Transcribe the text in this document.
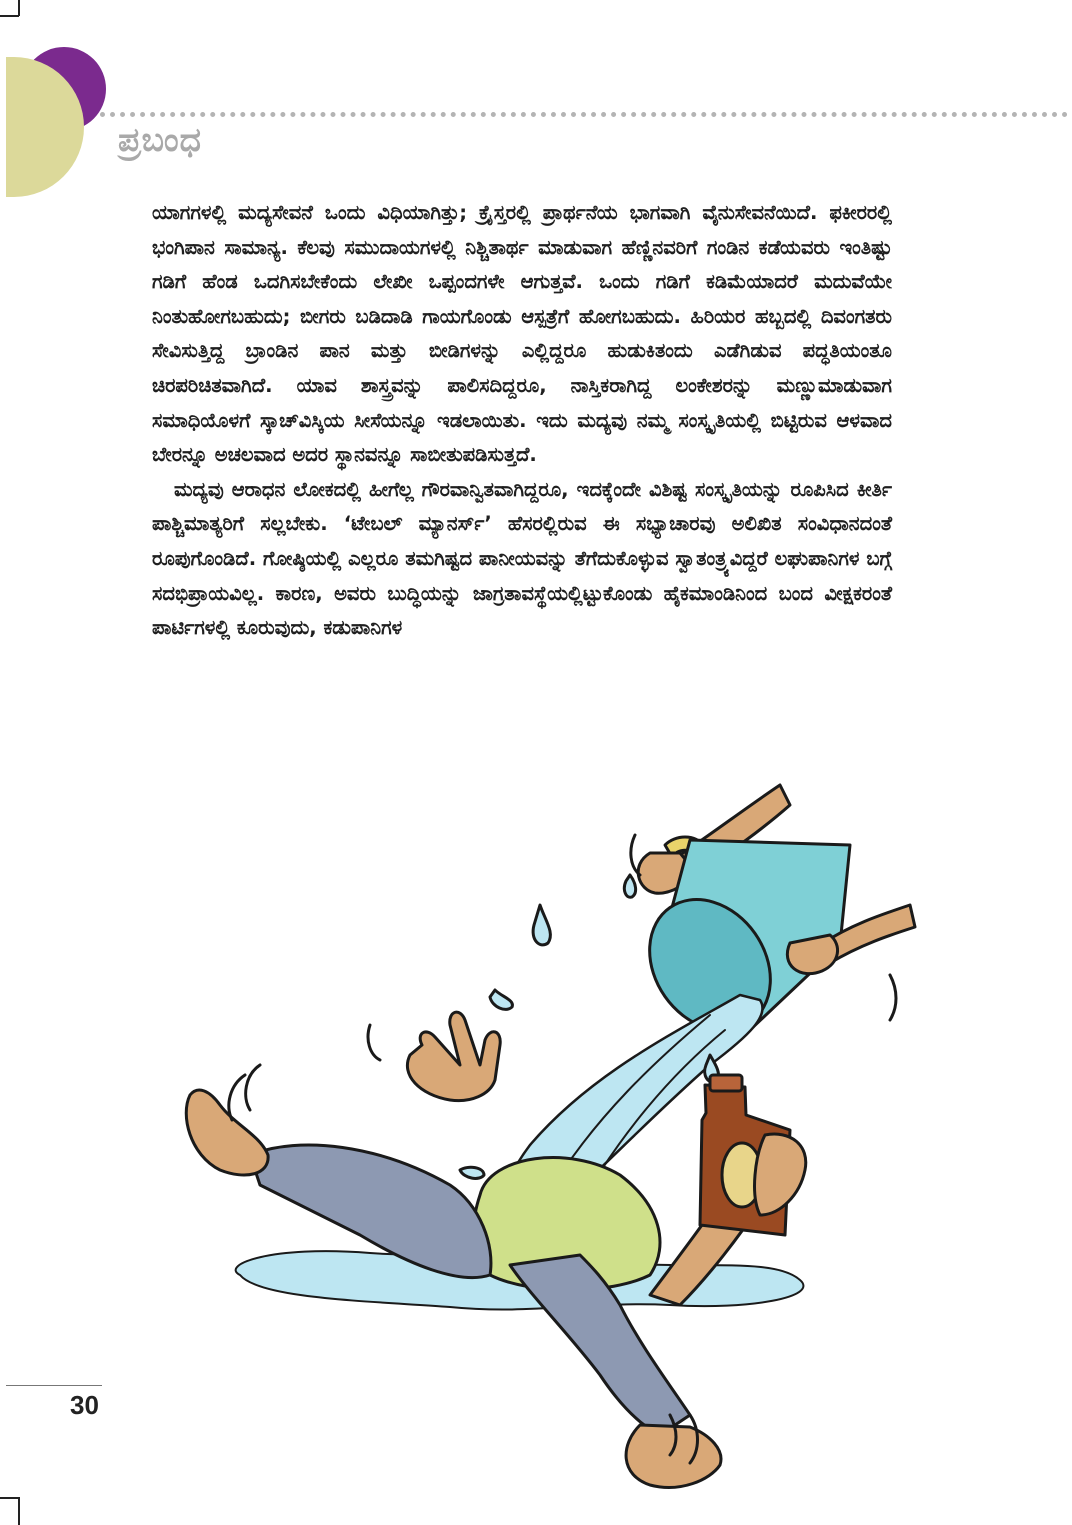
ಪ್ರಬಂಧ

ಯಾಗಗಳಲ್ಲಿ ಮದ್ಯಸೇವನೆ ಒಂದು ವಿಧಿಯಾಗಿತ್ತು; ಕ್ರೈಸ್ತರಲ್ಲಿ ಪ್ರಾರ್ಥನೆಯ ಭಾಗವಾಗಿ ವೈನುಸೇವನೆಯಿದೆ. ಫಕೀರರಲ್ಲಿ ಭಂಗಿಪಾನ ಸಾಮಾನ್ಯ. ಕೆಲವು ಸಮುದಾಯಗಳಲ್ಲಿ ನಿಶ್ಚಿತಾರ್ಥ ಮಾಡುವಾಗ ಹೆಣ್ಣಿನವರಿಗೆ ಗಂಡಿನ ಕಡೆಯವರು ಇಂತಿಷ್ಟು ಗಡಿಗೆ ಹೆಂಡ ಒದಗಿಸಬೇಕೆಂದು ಲೇಖೀ ಒಪ್ಪಂದಗಳೇ ಆಗುತ್ತವೆ. ಒಂದು ಗಡಿಗೆ ಕಡಿಮೆಯಾದರೆ ಮದುವೆಯೇ ನಿಂತುಹೋಗಬಹುದು; ಬೀಗರು ಬಡಿದಾಡಿ ಗಾಯಗೊಂಡು ಆಸ್ಪತ್ರೆಗೆ ಹೋಗಬಹುದು. ಹಿರಿಯರ ಹಬ್ಬದಲ್ಲಿ ದಿವಂಗತರು ಸೇವಿಸುತ್ತಿದ್ದ ಬ್ರಾಂಡಿನ ಪಾನ ಮತ್ತು ಬೀಡಿಗಳನ್ನು ಎಲ್ಲಿದ್ದರೂ ಹುಡುಕಿತಂದು ಎಡೆಗಿಡುವ ಪದ್ಧತಿಯಂತೂ ಚಿರಪರಿಚಿತವಾಗಿದೆ. ಯಾವ ಶಾಸ್ತ್ರವನ್ನು ಪಾಲಿಸದಿದ್ದರೂ, ನಾಸ್ತಿಕರಾಗಿದ್ದ ಲಂಕೇಶರನ್ನು ಮಣ್ಣುಮಾಡುವಾಗ ಸಮಾಧಿಯೊಳಗೆ ಸ್ಕಾಚ್‌ವಿಸ್ಕಿಯ ಸೀಸೆಯನ್ನೂ ಇಡಲಾಯಿತು. ಇದು ಮದ್ಯವು ನಮ್ಮ ಸಂಸ್ಕೃತಿಯಲ್ಲಿ ಬಿಟ್ಟಿರುವ ಆಳವಾದ ಬೇರನ್ನೂ ಅಚಲವಾದ ಅದರ ಸ್ಥಾನವನ್ನೂ ಸಾಬೀತುಪಡಿಸುತ್ತದೆ.

ಮದ್ಯವು ಆರಾಧನ ಲೋಕದಲ್ಲಿ ಹೀಗೆಲ್ಲ ಗೌರವಾನ್ವಿತವಾಗಿದ್ದರೂ, ಇದಕ್ಕೆಂದೇ ವಿಶಿಷ್ಟ ಸಂಸ್ಕೃತಿಯನ್ನು ರೂಪಿಸಿದ ಕೀರ್ತಿ ಪಾಶ್ಚಿಮಾತ್ಯರಿಗೆ ಸಲ್ಲಬೇಕು. ‘ಟೇಬಲ್ ಮ್ಯಾನರ್ಸ್’ ಹೆಸರಲ್ಲಿರುವ ಈ ಸಭ್ಯಾಚಾರವು ಅಲಿಖಿತ ಸಂವಿಧಾನದಂತೆ ರೂಪುಗೊಂಡಿದೆ. ಗೋಷ್ಠಿಯಲ್ಲಿ ಎಲ್ಲರೂ ತಮಗಿಷ್ಟದ ಪಾನೀಯವನ್ನು ತೆಗೆದುಕೊಳ್ಳುವ ಸ್ವಾತಂತ್ರ್ಯವಿದ್ದರೆ ಲಘುಪಾನಿಗಳ ಬಗ್ಗೆ ಸದಭಿಪ್ರಾಯವಿಲ್ಲ. ಕಾರಣ, ಅವರು ಬುದ್ಧಿಯನ್ನು ಜಾಗ್ರತಾವಸ್ಥೆಯಲ್ಲಿಟ್ಟುಕೊಂಡು ಹೈಕಮಾಂಡಿನಿಂದ ಬಂದ ವೀಕ್ಷಕರಂತೆ ಪಾರ್ಟಿಗಳಲ್ಲಿ ಕೂರುವುದು, ಕಡುಪಾನಿಗಳ

30
